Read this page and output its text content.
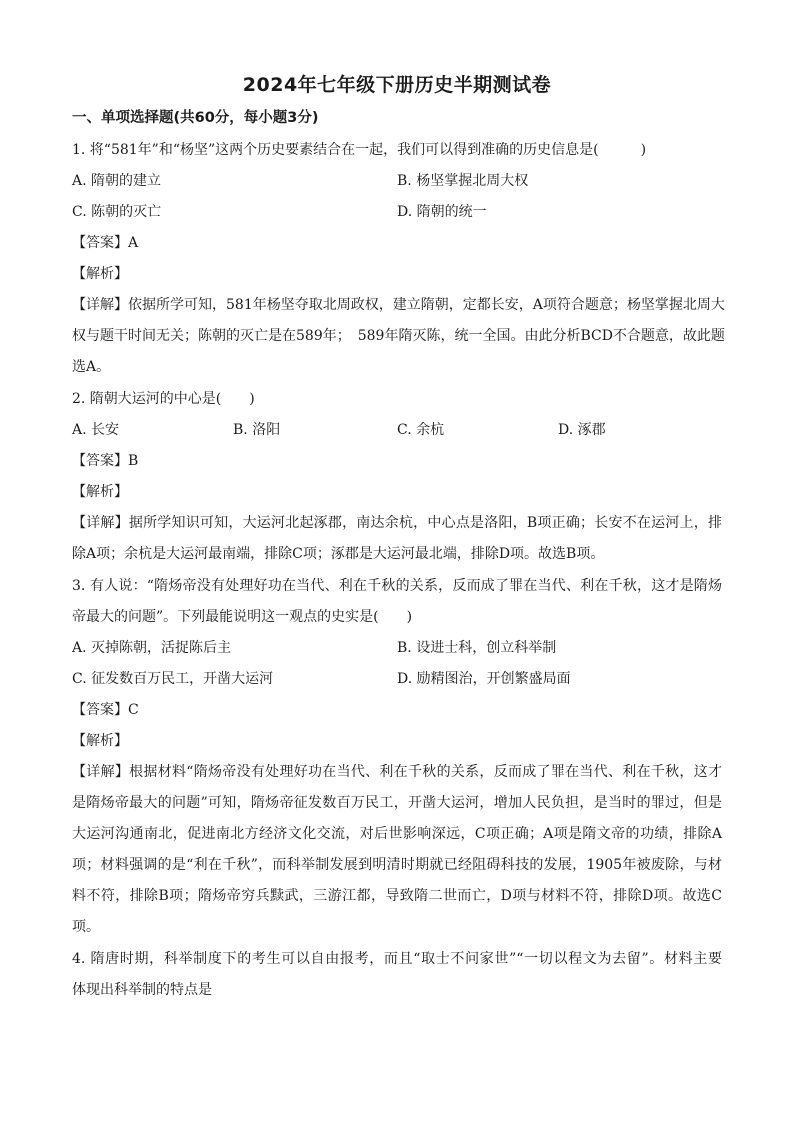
2024年七年级下册历史半期测试卷
一、单项选择题(共60分，每小题3分)
1. 将“581年”和“杨坚”这两个历史要素结合在一起，我们可以得到准确的历史信息是(　　　)
A. 隋朝的建立	B. 杨坚掌握北周大权
C. 陈朝的灭亡	D. 隋朝的统一
【答案】A
【解析】
【详解】依据所学可知，581年杨坚夺取北周政权，建立隋朝，定都长安，A项符合题意；杨坚掌握北周大
权与题干时间无关；陈朝的灭亡是在589年；　589年隋灭陈，统一全国。由此分析BCD不合题意，故此题
选A。
2. 隋朝大运河的中心是(　　)
A. 长安	B. 洛阳	C. 余杭	D. 涿郡
【答案】B
【解析】
【详解】据所学知识可知，大运河北起涿郡，南达余杭，中心点是洛阳，B项正确；长安不在运河上，排
除A项；余杭是大运河最南端，排除C项；涿郡是大运河最北端，排除D项。故选B项。
3. 有人说：“隋炀帝没有处理好功在当代、利在千秋的关系，反而成了罪在当代、利在千秋，这才是隋炀
帝最大的问题”。下列最能说明这一观点的史实是(　　)
A. 灭掉陈朝，活捉陈后主	B. 设进士科，创立科举制
C. 征发数百万民工，开凿大运河	D. 励精图治，开创繁盛局面
【答案】C
【解析】
【详解】根据材料“隋炀帝没有处理好功在当代、利在千秋的关系，反而成了罪在当代、利在千秋，这才
是隋炀帝最大的问题”可知，隋炀帝征发数百万民工，开凿大运河，增加人民负担，是当时的罪过，但是
大运河沟通南北，促进南北方经济文化交流，对后世影响深远，C项正确；A项是隋文帝的功绩，排除A
项；材料强调的是“利在千秋”，而科举制发展到明清时期就已经阻碍科技的发展，1905年被废除，与材
料不符，排除B项；隋炀帝穷兵黩武，三游江都，导致隋二世而亡，D项与材料不符，排除D项。故选C
项。
4. 隋唐时期，科举制度下的考生可以自由报考，而且“取士不问家世”“一切以程文为去留”。材料主要
体现出科举制的特点是
